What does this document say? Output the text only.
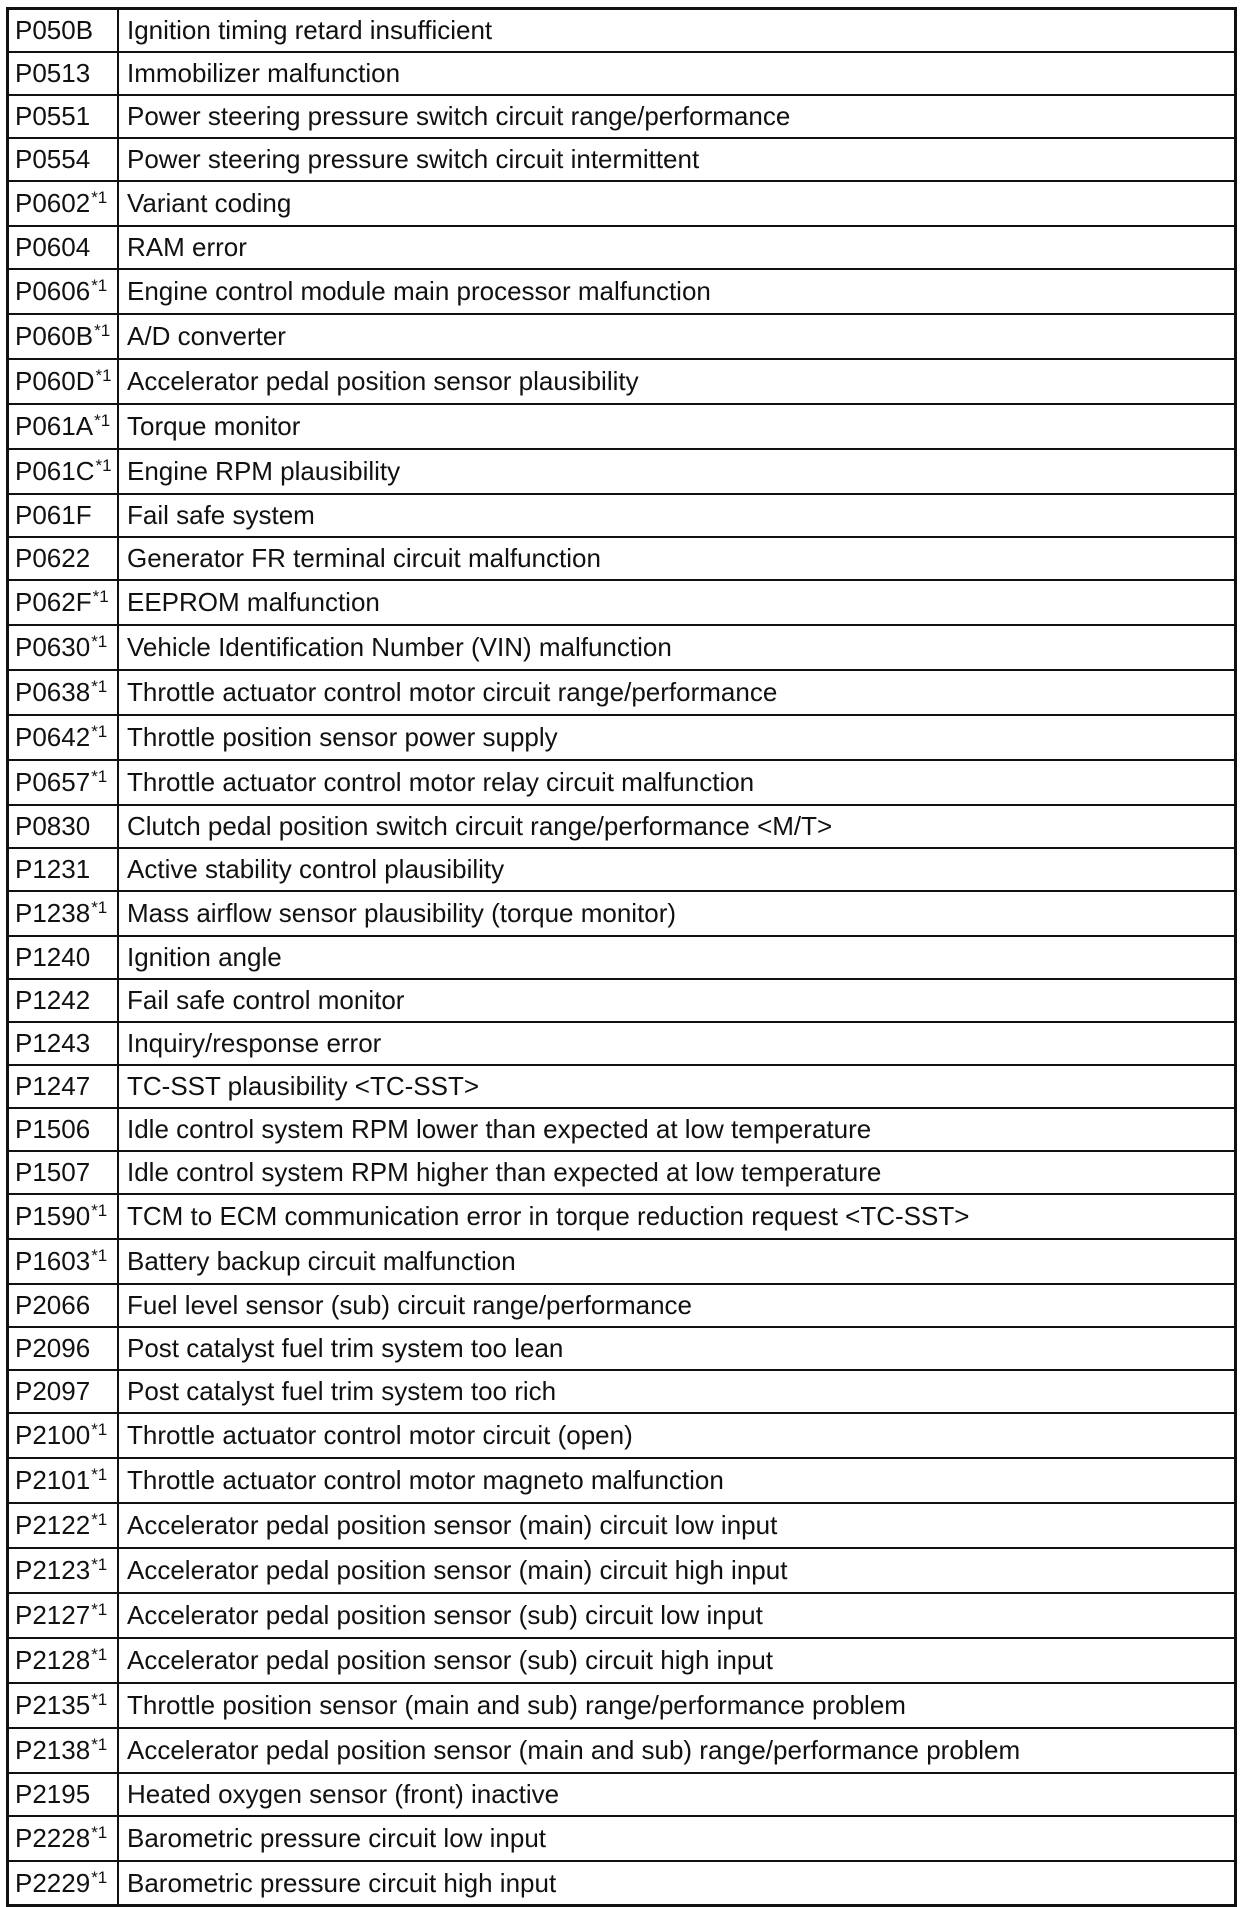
P050B	Ignition timing retard insufficient
P0513	Immobilizer malfunction
P0551	Power steering pressure switch circuit range/performance
P0554	Power steering pressure switch circuit intermittent
P0602$^{*1}$	Variant coding
P0604	RAM error
P0606$^{*1}$	Engine control module main processor malfunction
P060B$^{*1}$	A/D converter
P060D$^{*1}$	Accelerator pedal position sensor plausibility
P061A$^{*1}$	Torque monitor
P061C$^{*1}$	Engine RPM plausibility
P061F	Fail safe system
P0622	Generator FR terminal circuit malfunction
P062F$^{*1}$	EEPROM malfunction
P0630$^{*1}$	Vehicle Identification Number (VIN) malfunction
P0638$^{*1}$	Throttle actuator control motor circuit range/performance
P0642$^{*1}$	Throttle position sensor power supply
P0657$^{*1}$	Throttle actuator control motor relay circuit malfunction
P0830	Clutch pedal position switch circuit range/performance <M/T>
P1231	Active stability control plausibility
P1238$^{*1}$	Mass airflow sensor plausibility (torque monitor)
P1240	Ignition angle
P1242	Fail safe control monitor
P1243	Inquiry/response error
P1247	TC-SST plausibility <TC-SST>
P1506	Idle control system RPM lower than expected at low temperature
P1507	Idle control system RPM higher than expected at low temperature
P1590$^{*1}$	TCM to ECM communication error in torque reduction request <TC-SST>
P1603$^{*1}$	Battery backup circuit malfunction
P2066	Fuel level sensor (sub) circuit range/performance
P2096	Post catalyst fuel trim system too lean
P2097	Post catalyst fuel trim system too rich
P2100$^{*1}$	Throttle actuator control motor circuit (open)
P2101$^{*1}$	Throttle actuator control motor magneto malfunction
P2122$^{*1}$	Accelerator pedal position sensor (main) circuit low input
P2123$^{*1}$	Accelerator pedal position sensor (main) circuit high input
P2127$^{*1}$	Accelerator pedal position sensor (sub) circuit low input
P2128$^{*1}$	Accelerator pedal position sensor (sub) circuit high input
P2135$^{*1}$	Throttle position sensor (main and sub) range/performance problem
P2138$^{*1}$	Accelerator pedal position sensor (main and sub) range/performance problem
P2195	Heated oxygen sensor (front) inactive
P2228$^{*1}$	Barometric pressure circuit low input
P2229$^{*1}$	Barometric pressure circuit high input
